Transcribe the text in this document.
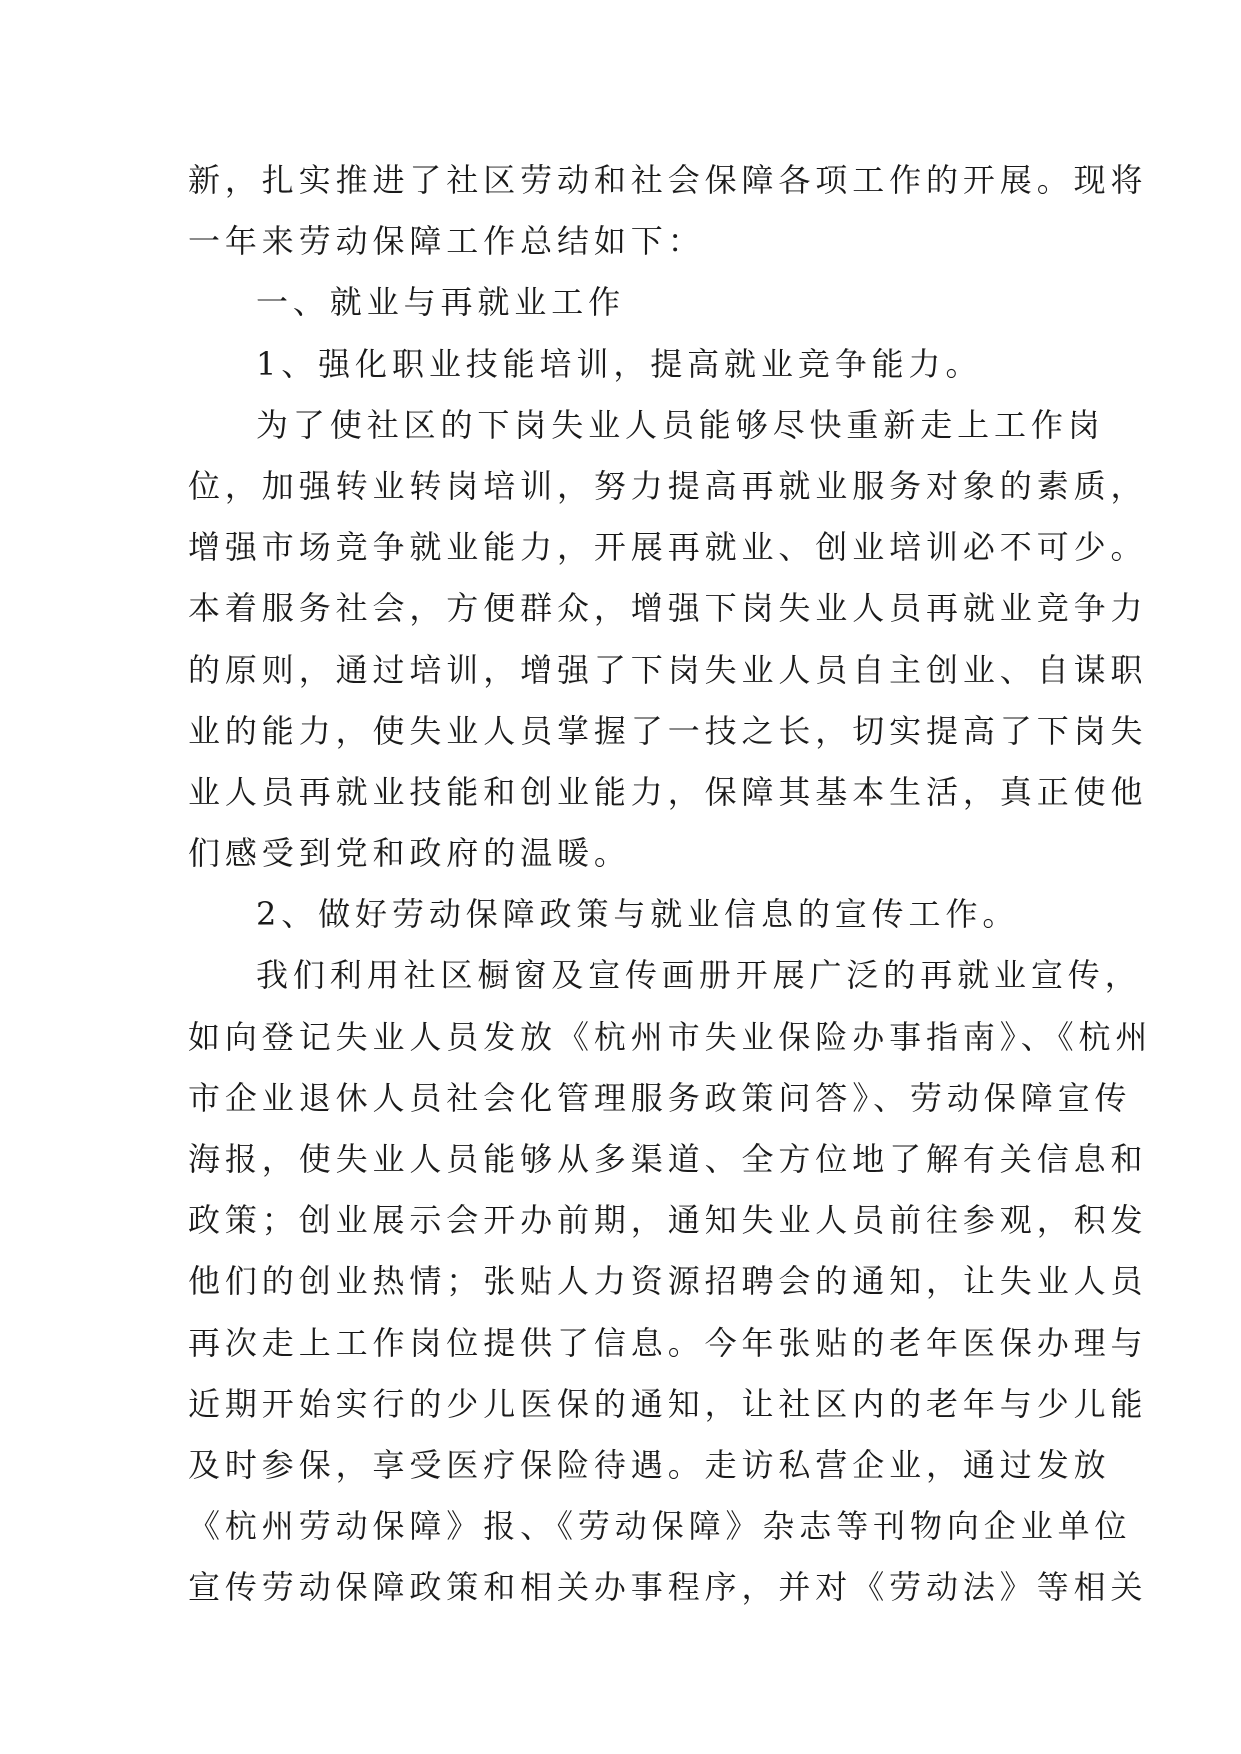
新，扎实推进了社区劳动和社会保障各项工作的开展。现将
一年来劳动保障工作总结如下：
一、就业与再就业工作
1、强化职业技能培训，提高就业竞争能力。
为了使社区的下岗失业人员能够尽快重新走上工作岗
位，加强转业转岗培训，努力提高再就业服务对象的素质，
增强市场竞争就业能力，开展再就业、创业培训必不可少。
本着服务社会，方便群众，增强下岗失业人员再就业竞争力
的原则，通过培训，增强了下岗失业人员自主创业、自谋职
业的能力，使失业人员掌握了一技之长，切实提高了下岗失
业人员再就业技能和创业能力，保障其基本生活，真正使他
们感受到党和政府的温暖。
2、做好劳动保障政策与就业信息的宣传工作。
我们利用社区橱窗及宣传画册开展广泛的再就业宣传，
如向登记失业人员发放《杭州市失业保险办事指南》、《杭州
市企业退休人员社会化管理服务政策问答》、劳动保障宣传
海报，使失业人员能够从多渠道、全方位地了解有关信息和
政策；创业展示会开办前期，通知失业人员前往参观，积发
他们的创业热情；张贴人力资源招聘会的通知，让失业人员
再次走上工作岗位提供了信息。今年张贴的老年医保办理与
近期开始实行的少儿医保的通知，让社区内的老年与少儿能
及时参保，享受医疗保险待遇。走访私营企业，通过发放
《杭州劳动保障》报、《劳动保障》杂志等刊物向企业单位
宣传劳动保障政策和相关办事程序，并对《劳动法》等相关
